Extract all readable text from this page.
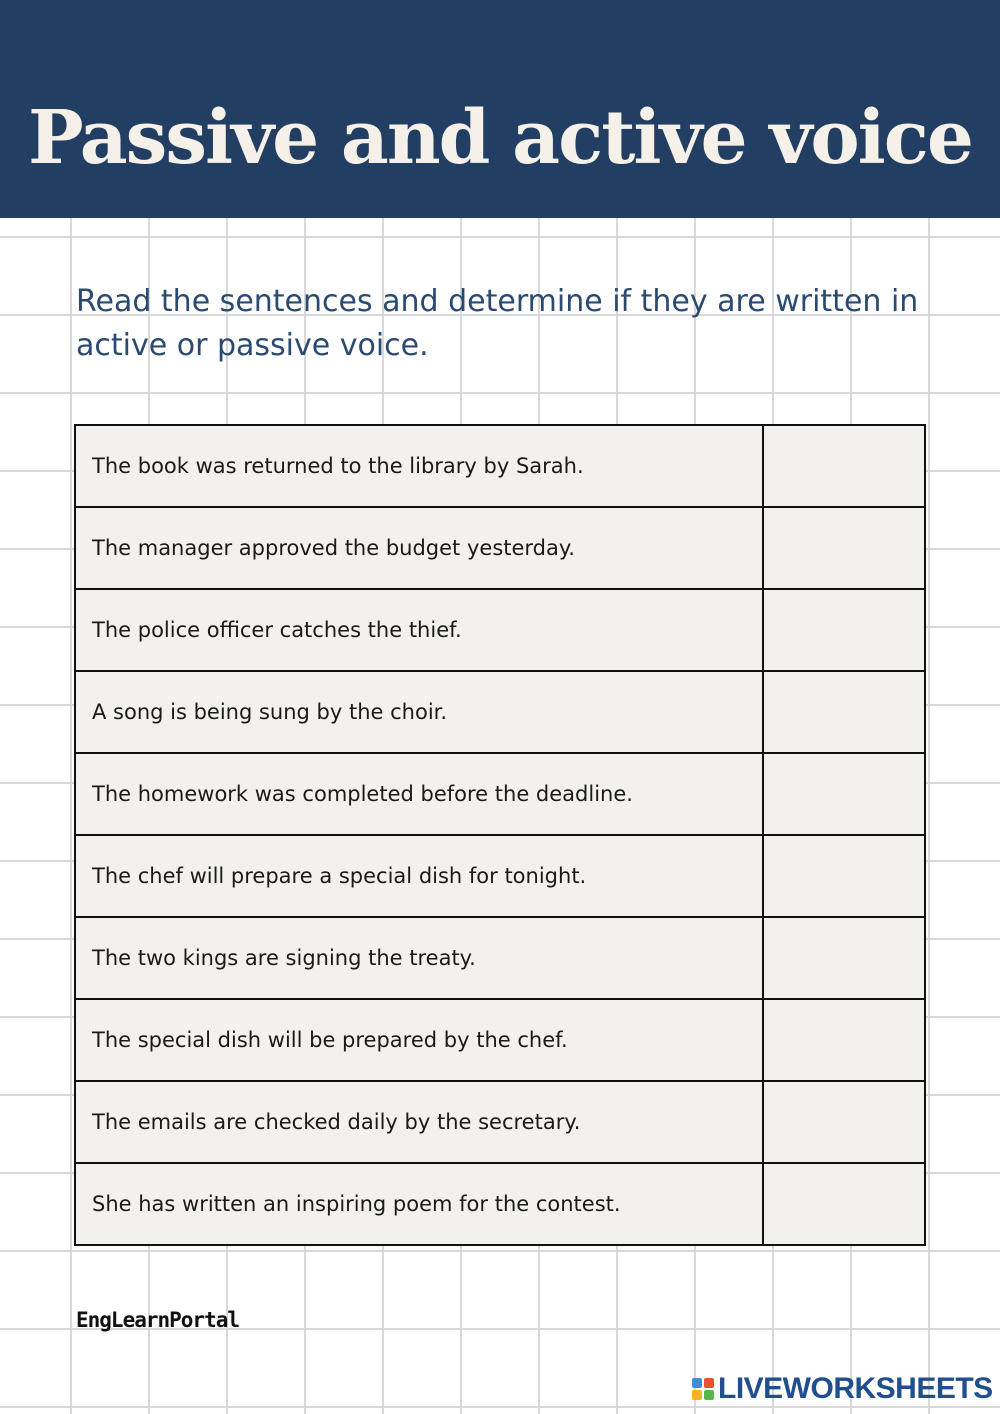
Passive and active voice

Read the sentences and determine if they are written in active or passive voice.

The book was returned to the library by Sarah.
The manager approved the budget yesterday.
The police officer catches the thief.
A song is being sung by the choir.
The homework was completed before the deadline.
The chef will prepare a special dish for tonight.
The two kings are signing the treaty.
The special dish will be prepared by the chef.
The emails are checked daily by the secretary.
She has written an inspiring poem for the contest.
EngLearnPortal
LIVEWORKSHEETS
